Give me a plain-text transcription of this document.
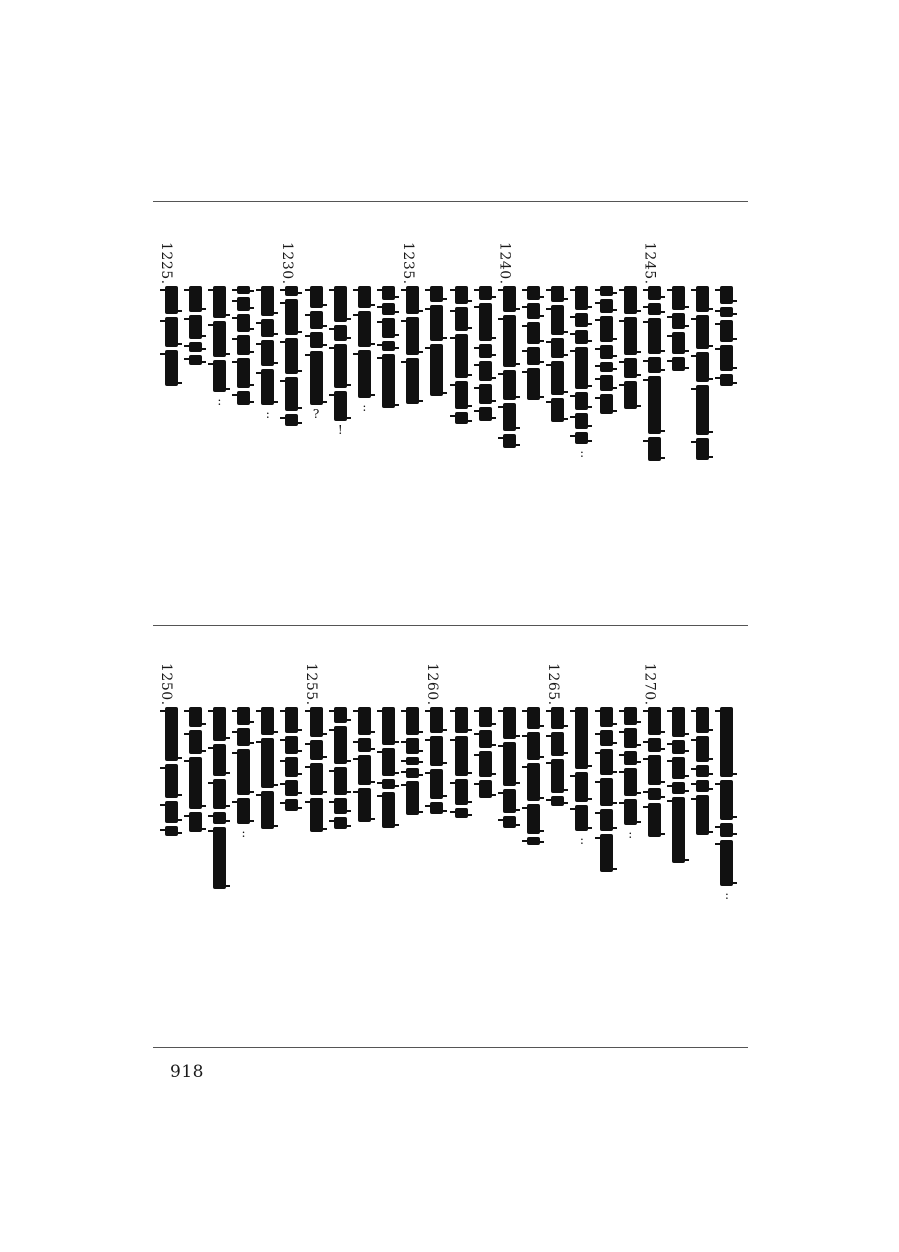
1245.
:
1240.
1235.
:
!
?
1230.
:
:
1225.
:
1270.
:
:
1265.
1260.
1255.
:
1250.
918
